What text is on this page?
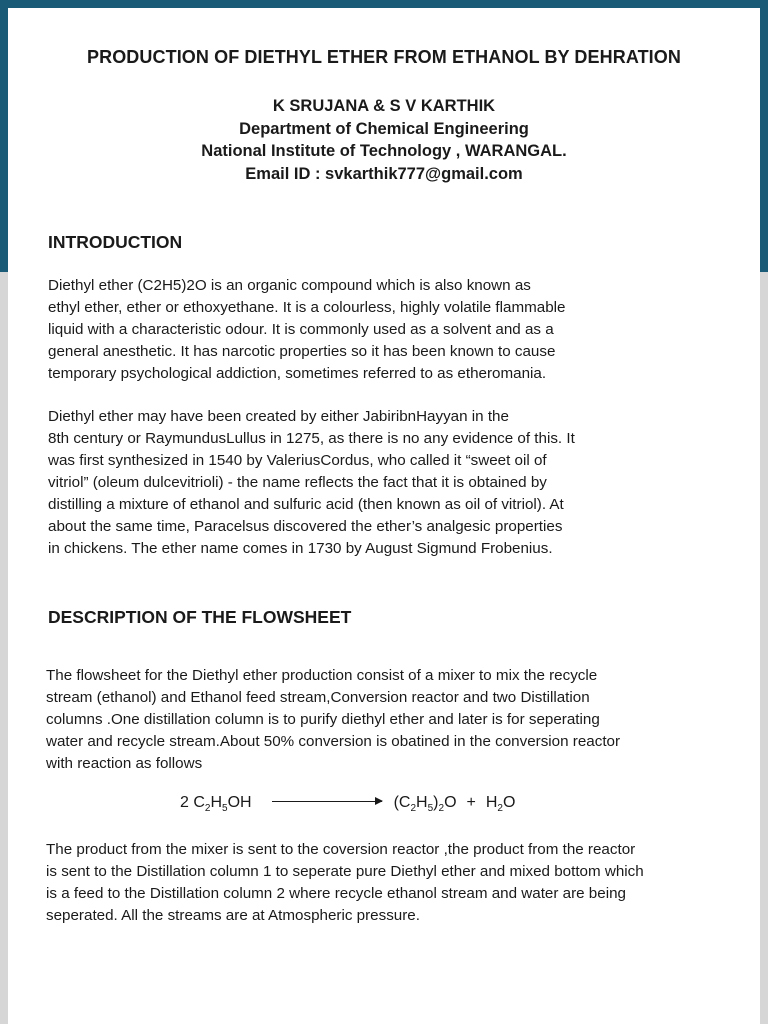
PRODUCTION OF DIETHYL ETHER FROM ETHANOL BY DEHRATION
K SRUJANA & S V KARTHIK
Department of Chemical Engineering
National Institute of Technology , WARANGAL.
Email ID : svkarthik777@gmail.com
INTRODUCTION
Diethyl ether (C2H5)2O is an organic compound which is also known as
ethyl ether, ether or ethoxyethane. It is a colourless, highly volatile flammable
liquid with a characteristic odour. It is commonly used as a solvent and as a
general anesthetic. It has narcotic properties so it has been known to cause
temporary psychological addiction, sometimes referred to as etheromania.
Diethyl ether may have been created by either JabiribnHayyan in the
8th century or RaymundusLullus in 1275, as there is no any evidence of this. It
was first synthesized in 1540 by ValeriusCordus, who called it “sweet oil of
vitriol” (oleum dulcevitrioli) - the name reflects the fact that it is obtained by
distilling a mixture of ethanol and sulfuric acid (then known as oil of vitriol). At
about the same time, Paracelsus discovered the ether’s analgesic properties
in chickens. The ether name comes in 1730 by August Sigmund Frobenius.
DESCRIPTION OF THE FLOWSHEET
The flowsheet for the Diethyl ether production consist of a mixer to mix the recycle
stream (ethanol) and Ethanol feed stream,Conversion reactor and two Distillation
columns .One distillation column is to purify diethyl ether and later is for seperating
water and recycle stream.About 50% conversion is obatined in the conversion reactor
with reaction as follows
2 $C_2H_5OH$	$(C_2H_5)_2O + H_2O$
The product from the mixer is sent to the coversion reactor ,the product from the reactor
is sent to the Distillation column 1 to seperate pure Diethyl ether and mixed bottom which
is a feed to the Distillation column 2 where recycle ethanol stream and water are being
seperated. All the streams are at Atmospheric pressure.
